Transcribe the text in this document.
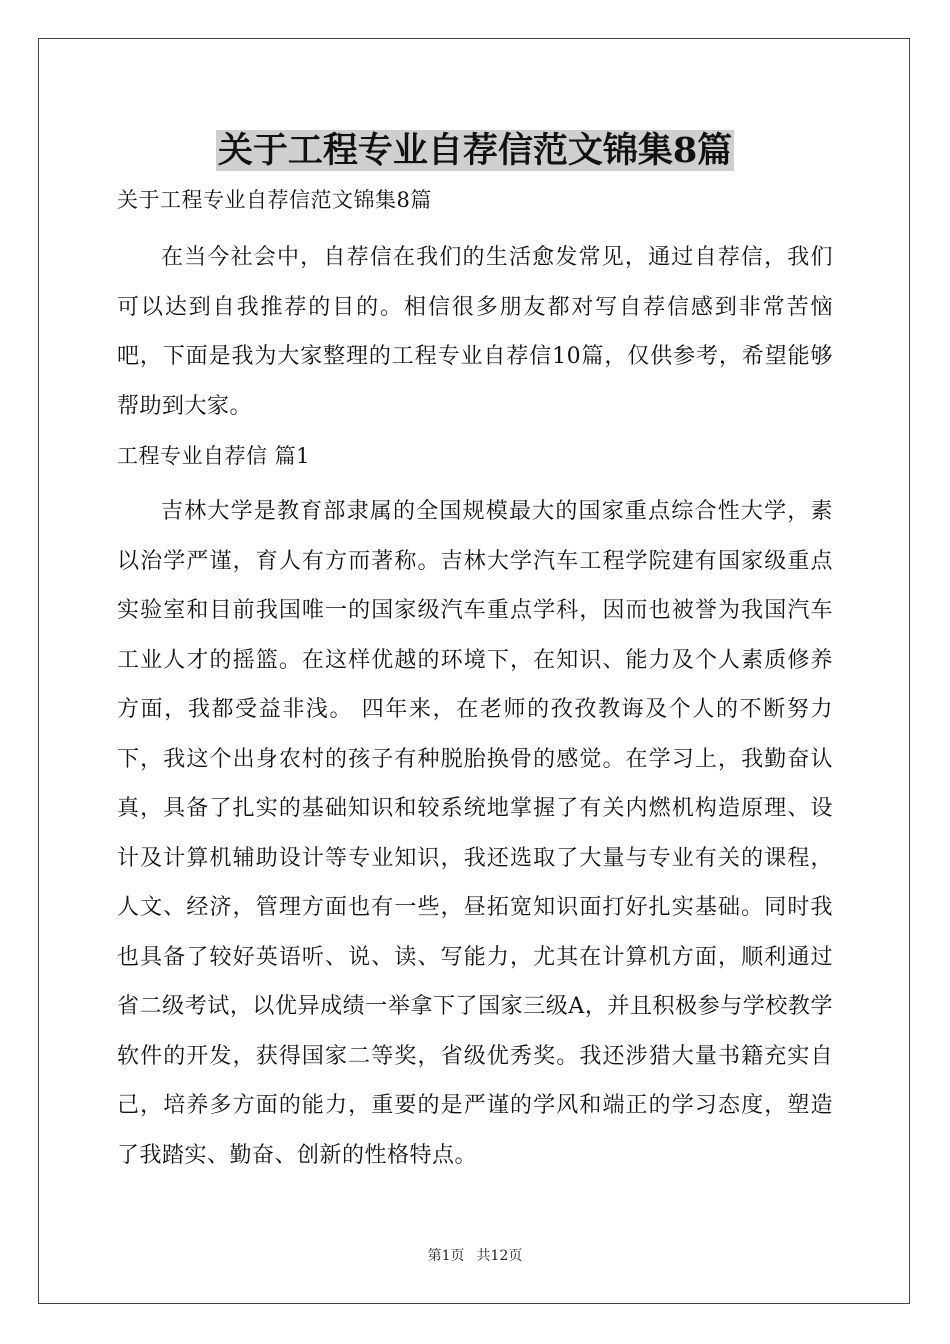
关于工程专业自荐信范文锦集8篇

关于工程专业自荐信范文锦集8篇

在当今社会中，自荐信在我们的生活愈发常见，通过自荐信，我们可以达到自我推荐的目的。相信很多朋友都对写自荐信感到非常苦恼吧，下面是我为大家整理的工程专业自荐信10篇，仅供参考，希望能够帮助到大家。

工程专业自荐信 篇1

吉林大学是教育部隶属的全国规模最大的国家重点综合性大学，素以治学严谨，育人有方而著称。吉林大学汽车工程学院建有国家级重点实验室和目前我国唯一的国家级汽车重点学科，因而也被誉为我国汽车工业人才的摇篮。在这样优越的环境下，在知识、能力及个人素质修养方面，我都受益非浅。 四年来，在老师的孜孜教诲及个人的不断努力下，我这个出身农村的孩子有种脱胎换骨的感觉。在学习上，我勤奋认真，具备了扎实的基础知识和较系统地掌握了有关内燃机构造原理、设计及计算机辅助设计等专业知识，我还选取了大量与专业有关的课程，人文、经济，管理方面也有一些，昼拓宽知识面打好扎实基础。同时我也具备了较好英语听、说、读、写能力，尤其在计算机方面，顺利通过省二级考试，以优异成绩一举拿下了国家三级A，并且积极参与学校教学软件的开发，获得国家二等奖，省级优秀奖。我还涉猎大量书籍充实自己，培养多方面的能力，重要的是严谨的学风和端正的学习态度，塑造了我踏实、勤奋、创新的性格特点。

第1页 共12页
